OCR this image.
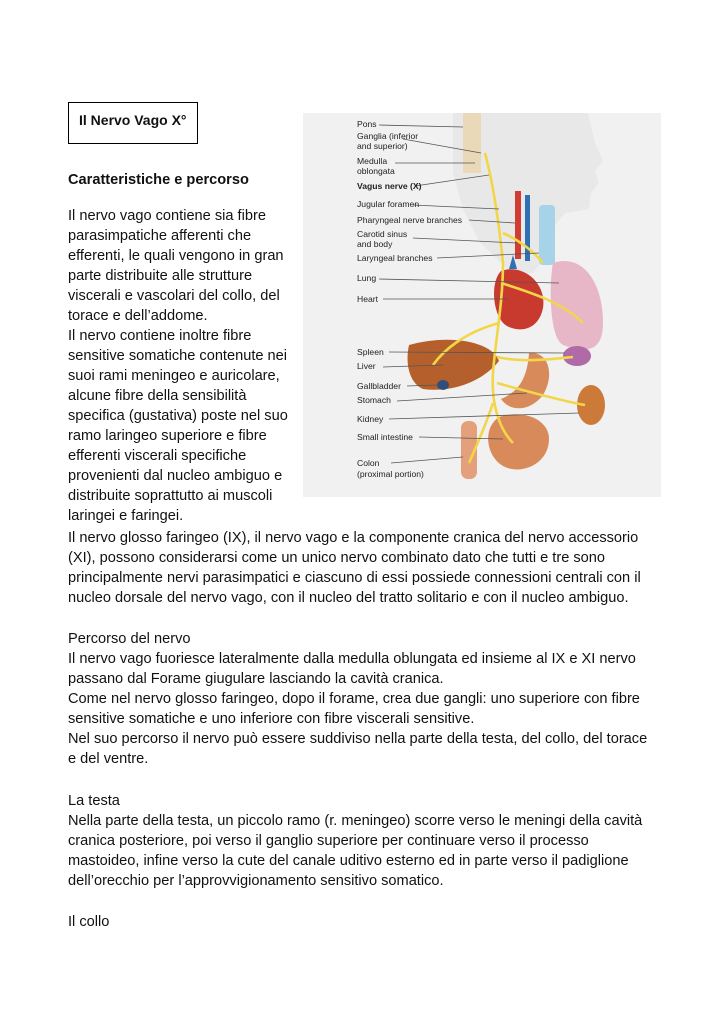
Il Nervo Vago X°
Caratteristiche e percorso
Il nervo vago contiene sia fibre
parasimpatiche afferenti che
efferenti, le quali vengono in gran
parte distribuite alle strutture
viscerali e vascolari del collo, del
torace e dell’addome.
Il nervo contiene inoltre fibre
sensitive somatiche contenute nei
suoi rami meningeo e auricolare,
alcune fibre della sensibilità
specifica (gustativa) poste nel suo
ramo laringeo superiore e fibre
efferenti viscerali specifiche
provenienti dal nucleo ambiguo e
distribuite soprattutto ai muscoli
laringei e faringei.
Il nervo glosso faringeo (IX), il nervo vago e la componente cranica del nervo accessorio
(XI), possono considerarsi come un unico nervo combinato dato che tutti e tre sono
principalmente nervi parasimpatici e ciascuno di essi possiede connessioni centrali con il
nucleo dorsale del nervo vago, con il nucleo del tratto solitario e con il nucleo ambiguo.
Percorso del nervo
Il nervo vago fuoriesce lateralmente dalla medulla oblungata ed insieme al IX e XI nervo
passano dal Forame giugulare lasciando la cavità cranica.
Come nel nervo glosso faringeo, dopo il forame, crea due gangli: uno superiore con fibre
sensitive somatiche e uno inferiore con fibre viscerali sensitive.
Nel suo percorso il nervo può essere suddiviso nella parte della testa, del collo, del torace
e del ventre.
La testa
Nella parte della testa, un piccolo ramo (r. meningeo) scorre verso le meningi della cavità
cranica posteriore, poi verso il ganglio superiore per continuare verso il processo
mastoideo, infine verso la cute del canale uditivo esterno ed in parte verso il padiglione
dell’orecchio per l’approvvigionamento sensitivo somatico.
Il collo
Pons
Ganglia (inferior
and superior)
Medulla
oblongata
Vagus nerve (X)
Jugular foramen
Pharyngeal nerve branches
Carotid sinus
and body
Laryngeal branches
Lung
Heart
Spleen
Liver
Gallbladder
Stomach
Kidney
Small intestine
Colon
(proximal portion)
